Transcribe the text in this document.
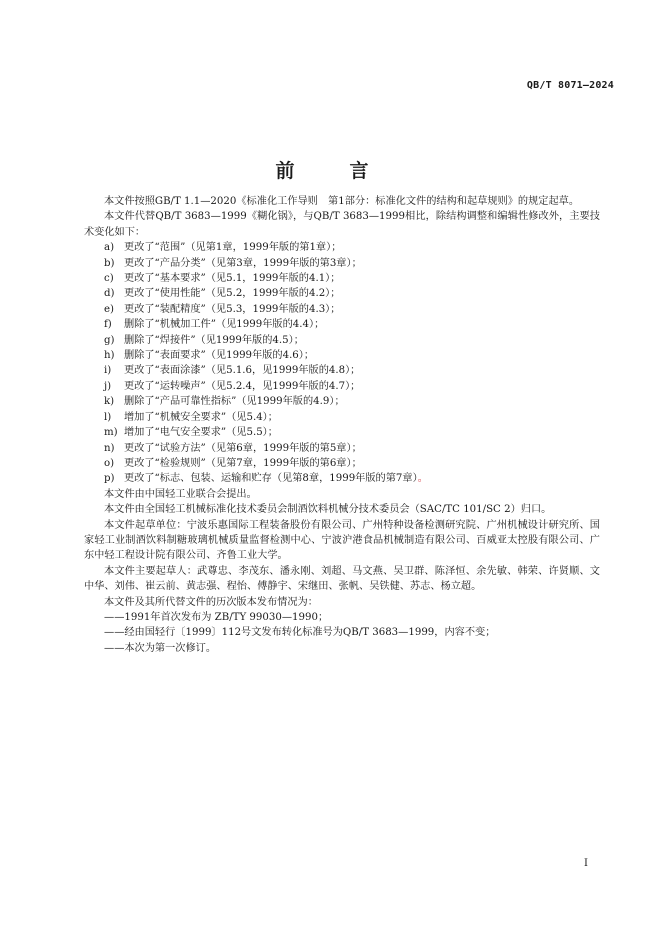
QB/T 8071—2024
前　言

本文件按照GB/T 1.1—2020《标准化工作导则　第1部分：标准化文件的结构和起草规则》的规定起草。

本文件代替QB/T 3683—1999《糊化锅》，与QB/T 3683—1999相比，除结构调整和编辑性修改外，主要技术变化如下：

a) 更改了“范围”（见第1章，1999年版的第1章）；
b) 更改了“产品分类”（见第3章，1999年版的第3章）；
c) 更改了“基本要求”（见5.1，1999年版的4.1）；
d) 更改了“使用性能”（见5.2，1999年版的4.2）；
e) 更改了“装配精度”（见5.3，1999年版的4.3）；
f) 删除了“机械加工件”（见1999年版的4.4）；
g) 删除了“焊接件”（见1999年版的4.5）；
h) 删除了“表面要求”（见1999年版的4.6）；
i) 更改了“表面涂漆”（见5.1.6，见1999年版的4.8）；
j) 更改了“运转噪声”（见5.2.4，见1999年版的4.7）；
k) 删除了“产品可靠性指标”（见1999年版的4.9）；
l) 增加了“机械安全要求”（见5.4）；
m) 增加了“电气安全要求”（见5.5）；
n) 更改了“试验方法”（见第6章，1999年版的第5章）；
o) 更改了“检验规则”（见第7章，1999年版的第6章）；
p) 更改了“标志、包装、运输和贮存（见第8章，1999年版的第7章）。

本文件由中国轻工业联合会提出。

本文件由全国轻工机械标准化技术委员会制酒饮料机械分技术委员会（SAC/TC 101/SC 2）归口。

本文件起草单位：宁波乐惠国际工程装备股份有限公司、广州特种设备检测研究院、广州机械设计研究所、国家轻工业制酒饮料制糖玻璃机械质量监督检测中心、宁波沪港食品机械制造有限公司、百威亚太控股有限公司、广东中轻工程设计院有限公司、齐鲁工业大学。

本文件主要起草人：武尊忠、李茂东、潘永刚、刘超、马文燕、吴卫群、陈泽恒、余先敏、韩荣、许贤顺、文中华、刘伟、崔云前、黄志强、程怡、傅静宇、宋继田、张帆、吴铁健、苏志、杨立超。

本文件及其所代替文件的历次版本发布情况为：

——1991年首次发布为 ZB/TY 99030—1990；
——经由国轻行〔1999〕112号文发布转化标准号为QB/T 3683—1999，内容不变；
——本次为第一次修订。
I
